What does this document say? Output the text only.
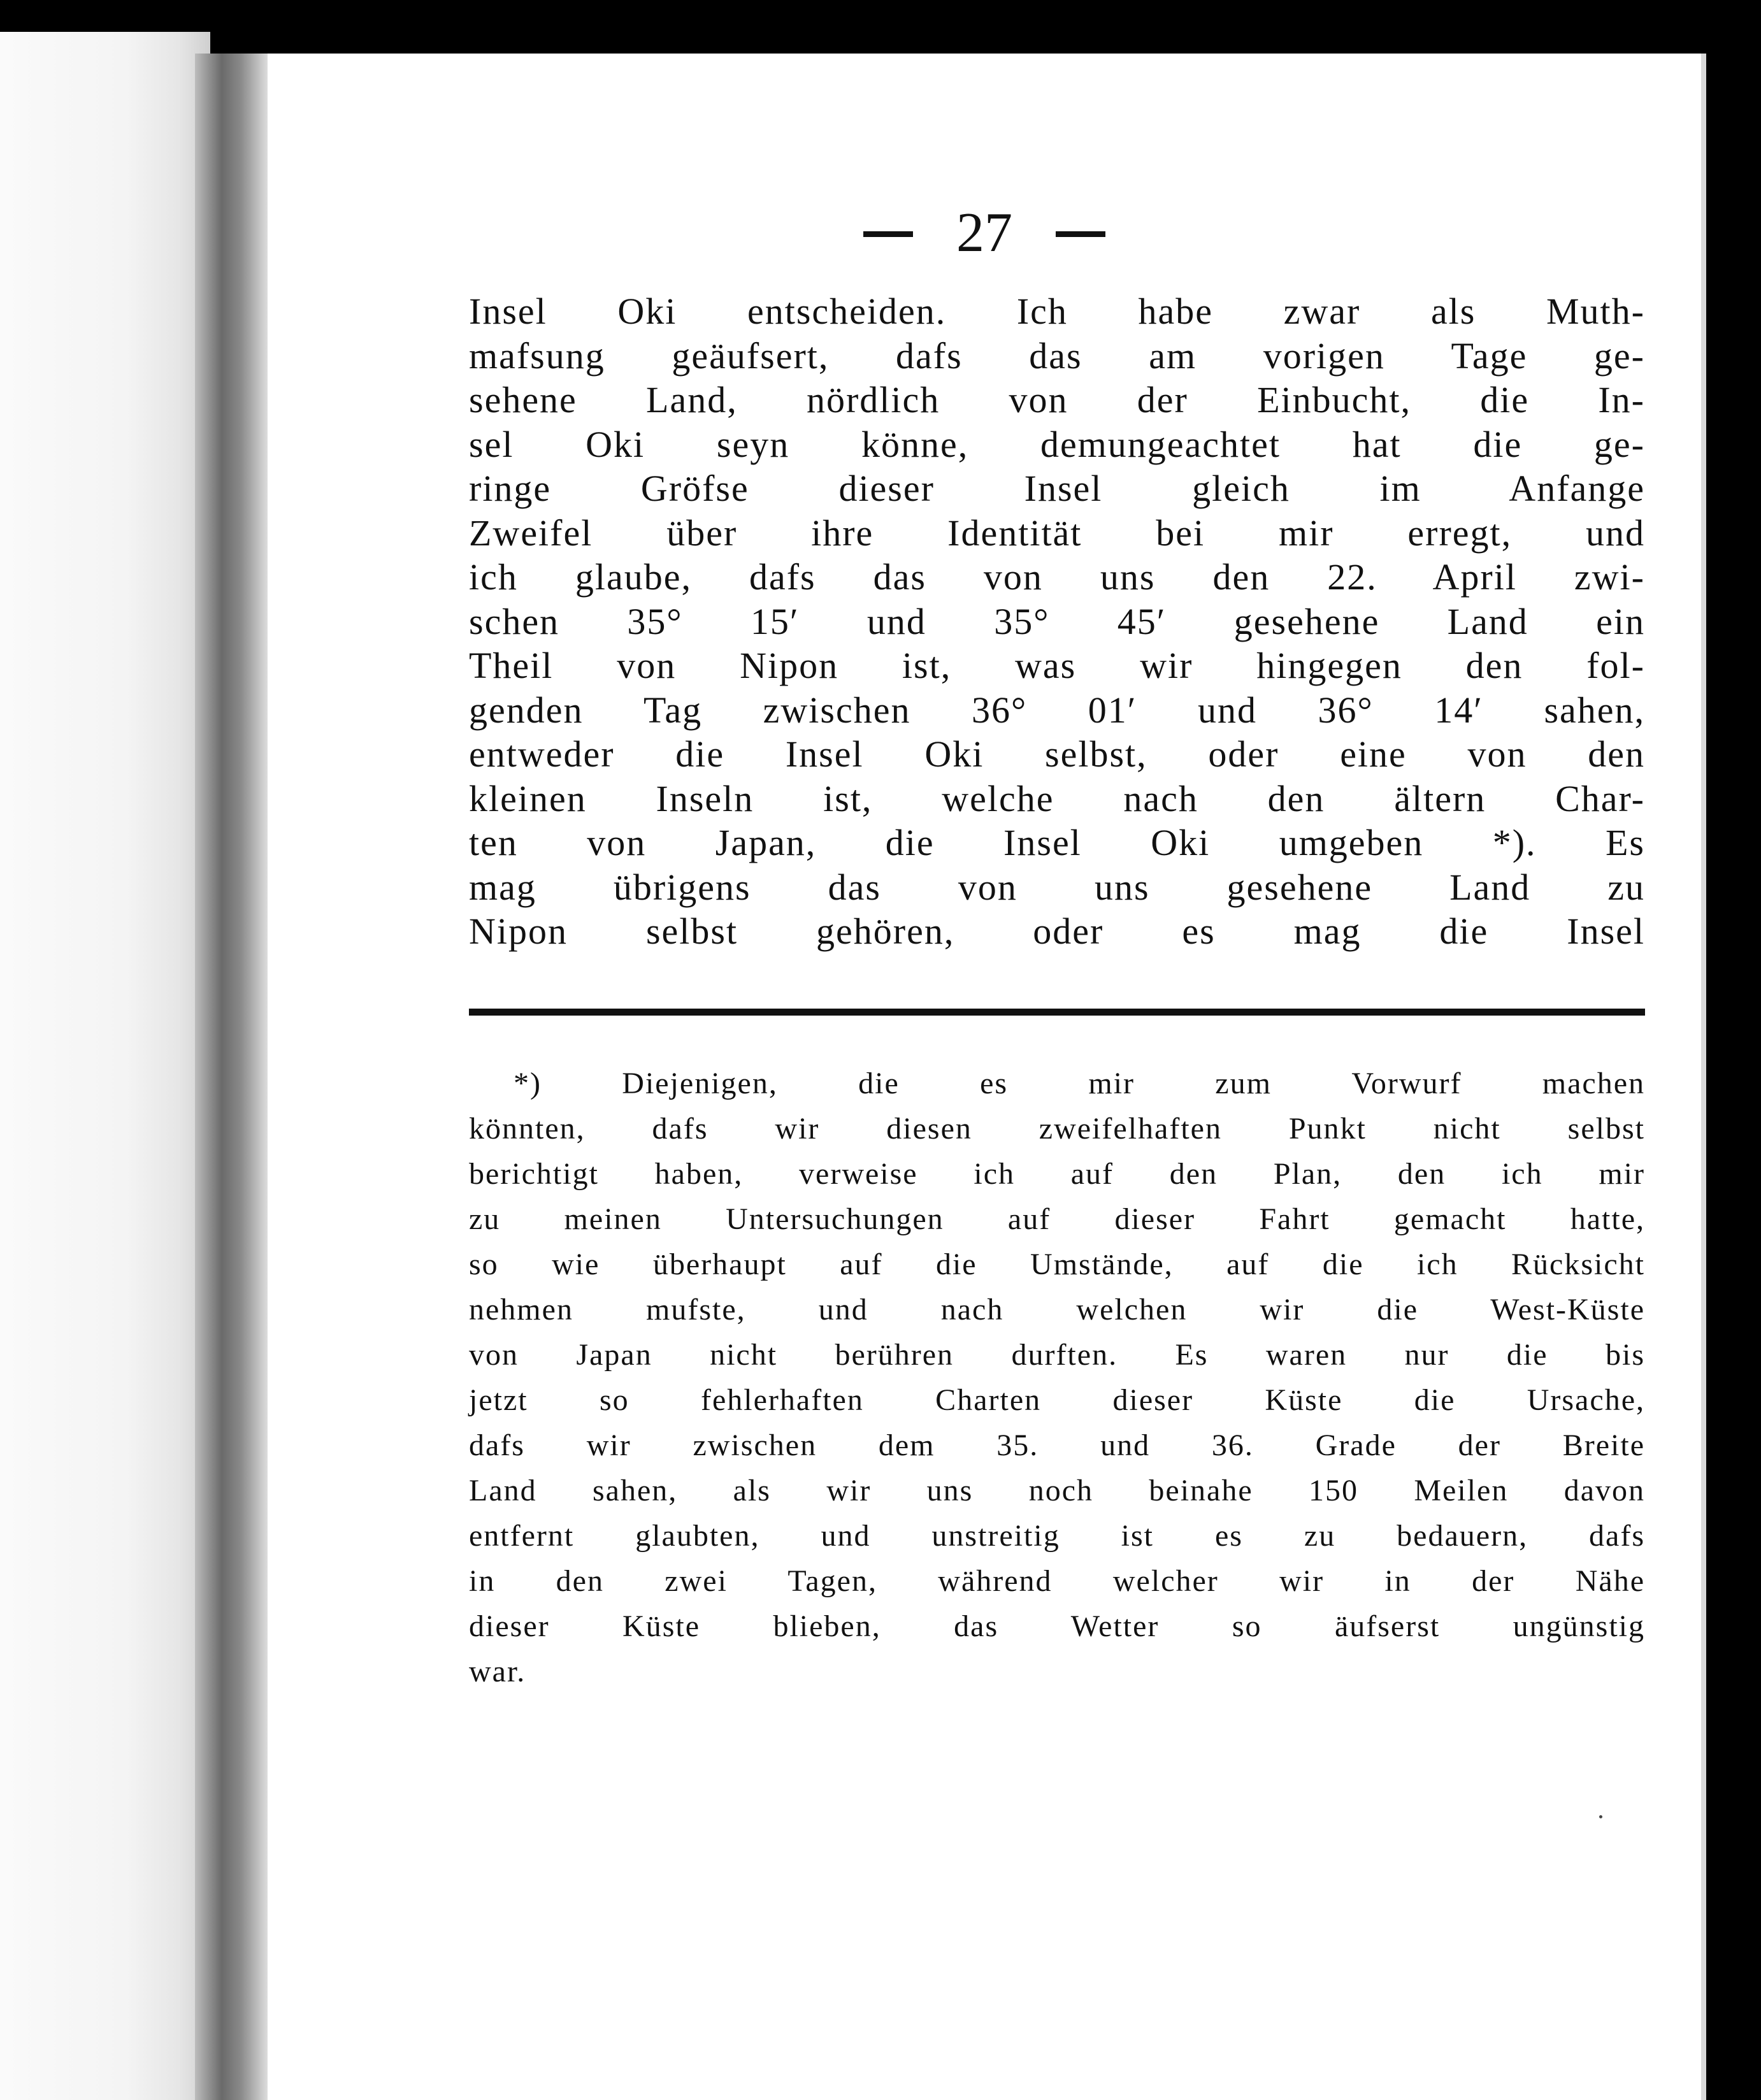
27
Insel Oki entscheiden. Ich habe zwar als Muth-
mafsung geäufsert, dafs das am vorigen Tage ge-
sehene Land, nördlich von der Einbucht, die In-
sel Oki seyn könne, demungeachtet hat die ge-
ringe Gröfse dieser Insel gleich im Anfange
Zweifel über ihre Identität bei mir erregt, und
ich glaube, dafs das von uns den 22. April zwi-
schen 35° 15′ und 35° 45′ gesehene Land ein
Theil von Nipon ist, was wir hingegen den fol-
genden Tag zwischen 36° 01′ und 36° 14′ sahen,
entweder die Insel Oki selbst, oder eine von den
kleinen Inseln ist, welche nach den ältern Char-
ten von Japan, die Insel Oki umgeben *). Es
mag übrigens das von uns gesehene Land zu
Nipon selbst gehören, oder es mag die Insel
*) Diejenigen, die es mir zum Vorwurf machen
könnten, dafs wir diesen zweifelhaften Punkt nicht selbst
berichtigt haben, verweise ich auf den Plan, den ich mir
zu meinen Untersuchungen auf dieser Fahrt gemacht hatte,
so wie überhaupt auf die Umstände, auf die ich Rücksicht
nehmen mufste, und nach welchen wir die West-Küste
von Japan nicht berühren durften. Es waren nur die bis
jetzt so fehlerhaften Charten dieser Küste die Ursache,
dafs wir zwischen dem 35. und 36. Grade der Breite
Land sahen, als wir uns noch beinahe 150 Meilen davon
entfernt glaubten, und unstreitig ist es zu bedauern, dafs
in den zwei Tagen, während welcher wir in der Nähe
dieser Küste blieben, das Wetter so äufserst ungünstig
war.
